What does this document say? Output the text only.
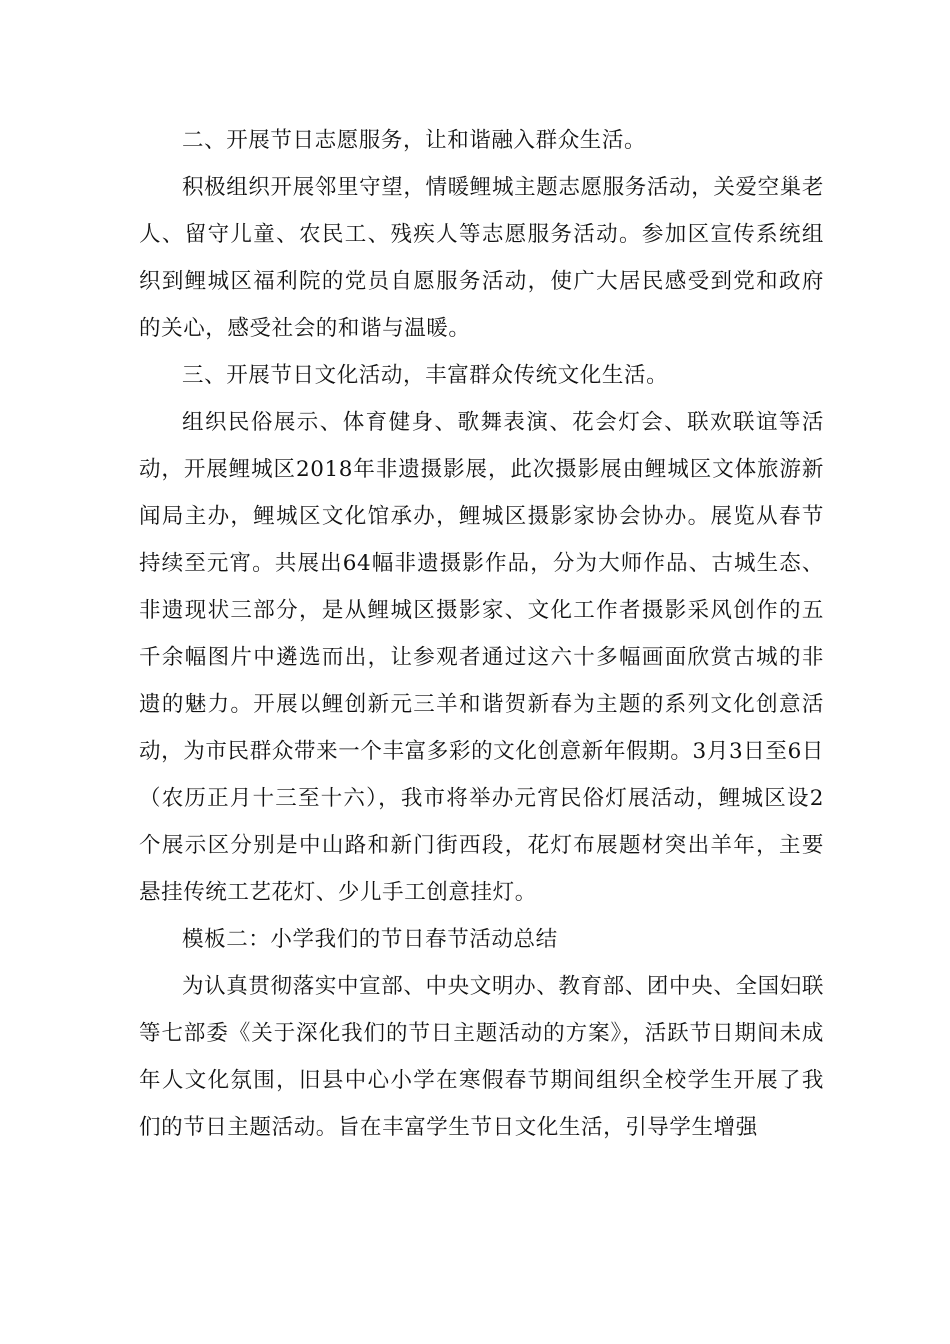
二、开展节日志愿服务，让和谐融入群众生活。

积极组织开展邻里守望，情暖鲤城主题志愿服务活动，关爱空巢老人、留守儿童、农民工、残疾人等志愿服务活动。参加区宣传系统组织到鲤城区福利院的党员自愿服务活动，使广大居民感受到党和政府的关心，感受社会的和谐与温暖。

三、开展节日文化活动，丰富群众传统文化生活。

组织民俗展示、体育健身、歌舞表演、花会灯会、联欢联谊等活动，开展鲤城区2018年非遗摄影展，此次摄影展由鲤城区文体旅游新闻局主办，鲤城区文化馆承办，鲤城区摄影家协会协办。展览从春节持续至元宵。共展出64幅非遗摄影作品，分为大师作品、古城生态、非遗现状三部分，是从鲤城区摄影家、文化工作者摄影采风创作的五千余幅图片中遴选而出，让参观者通过这六十多幅画面欣赏古城的非遗的魅力。开展以鲤创新元三羊和谐贺新春为主题的系列文化创意活动，为市民群众带来一个丰富多彩的文化创意新年假期。3月3日至6日（农历正月十三至十六），我市将举办元宵民俗灯展活动，鲤城区设2个展示区分别是中山路和新门街西段，花灯布展题材突出羊年，主要悬挂传统工艺花灯、少儿手工创意挂灯。

模板二：小学我们的节日春节活动总结

为认真贯彻落实中宣部、中央文明办、教育部、团中央、全国妇联等七部委《关于深化我们的节日主题活动的方案》，活跃节日期间未成年人文化氛围，旧县中心小学在寒假春节期间组织全校学生开展了我们的节日主题活动。旨在丰富学生节日文化生活，引导学生增强
